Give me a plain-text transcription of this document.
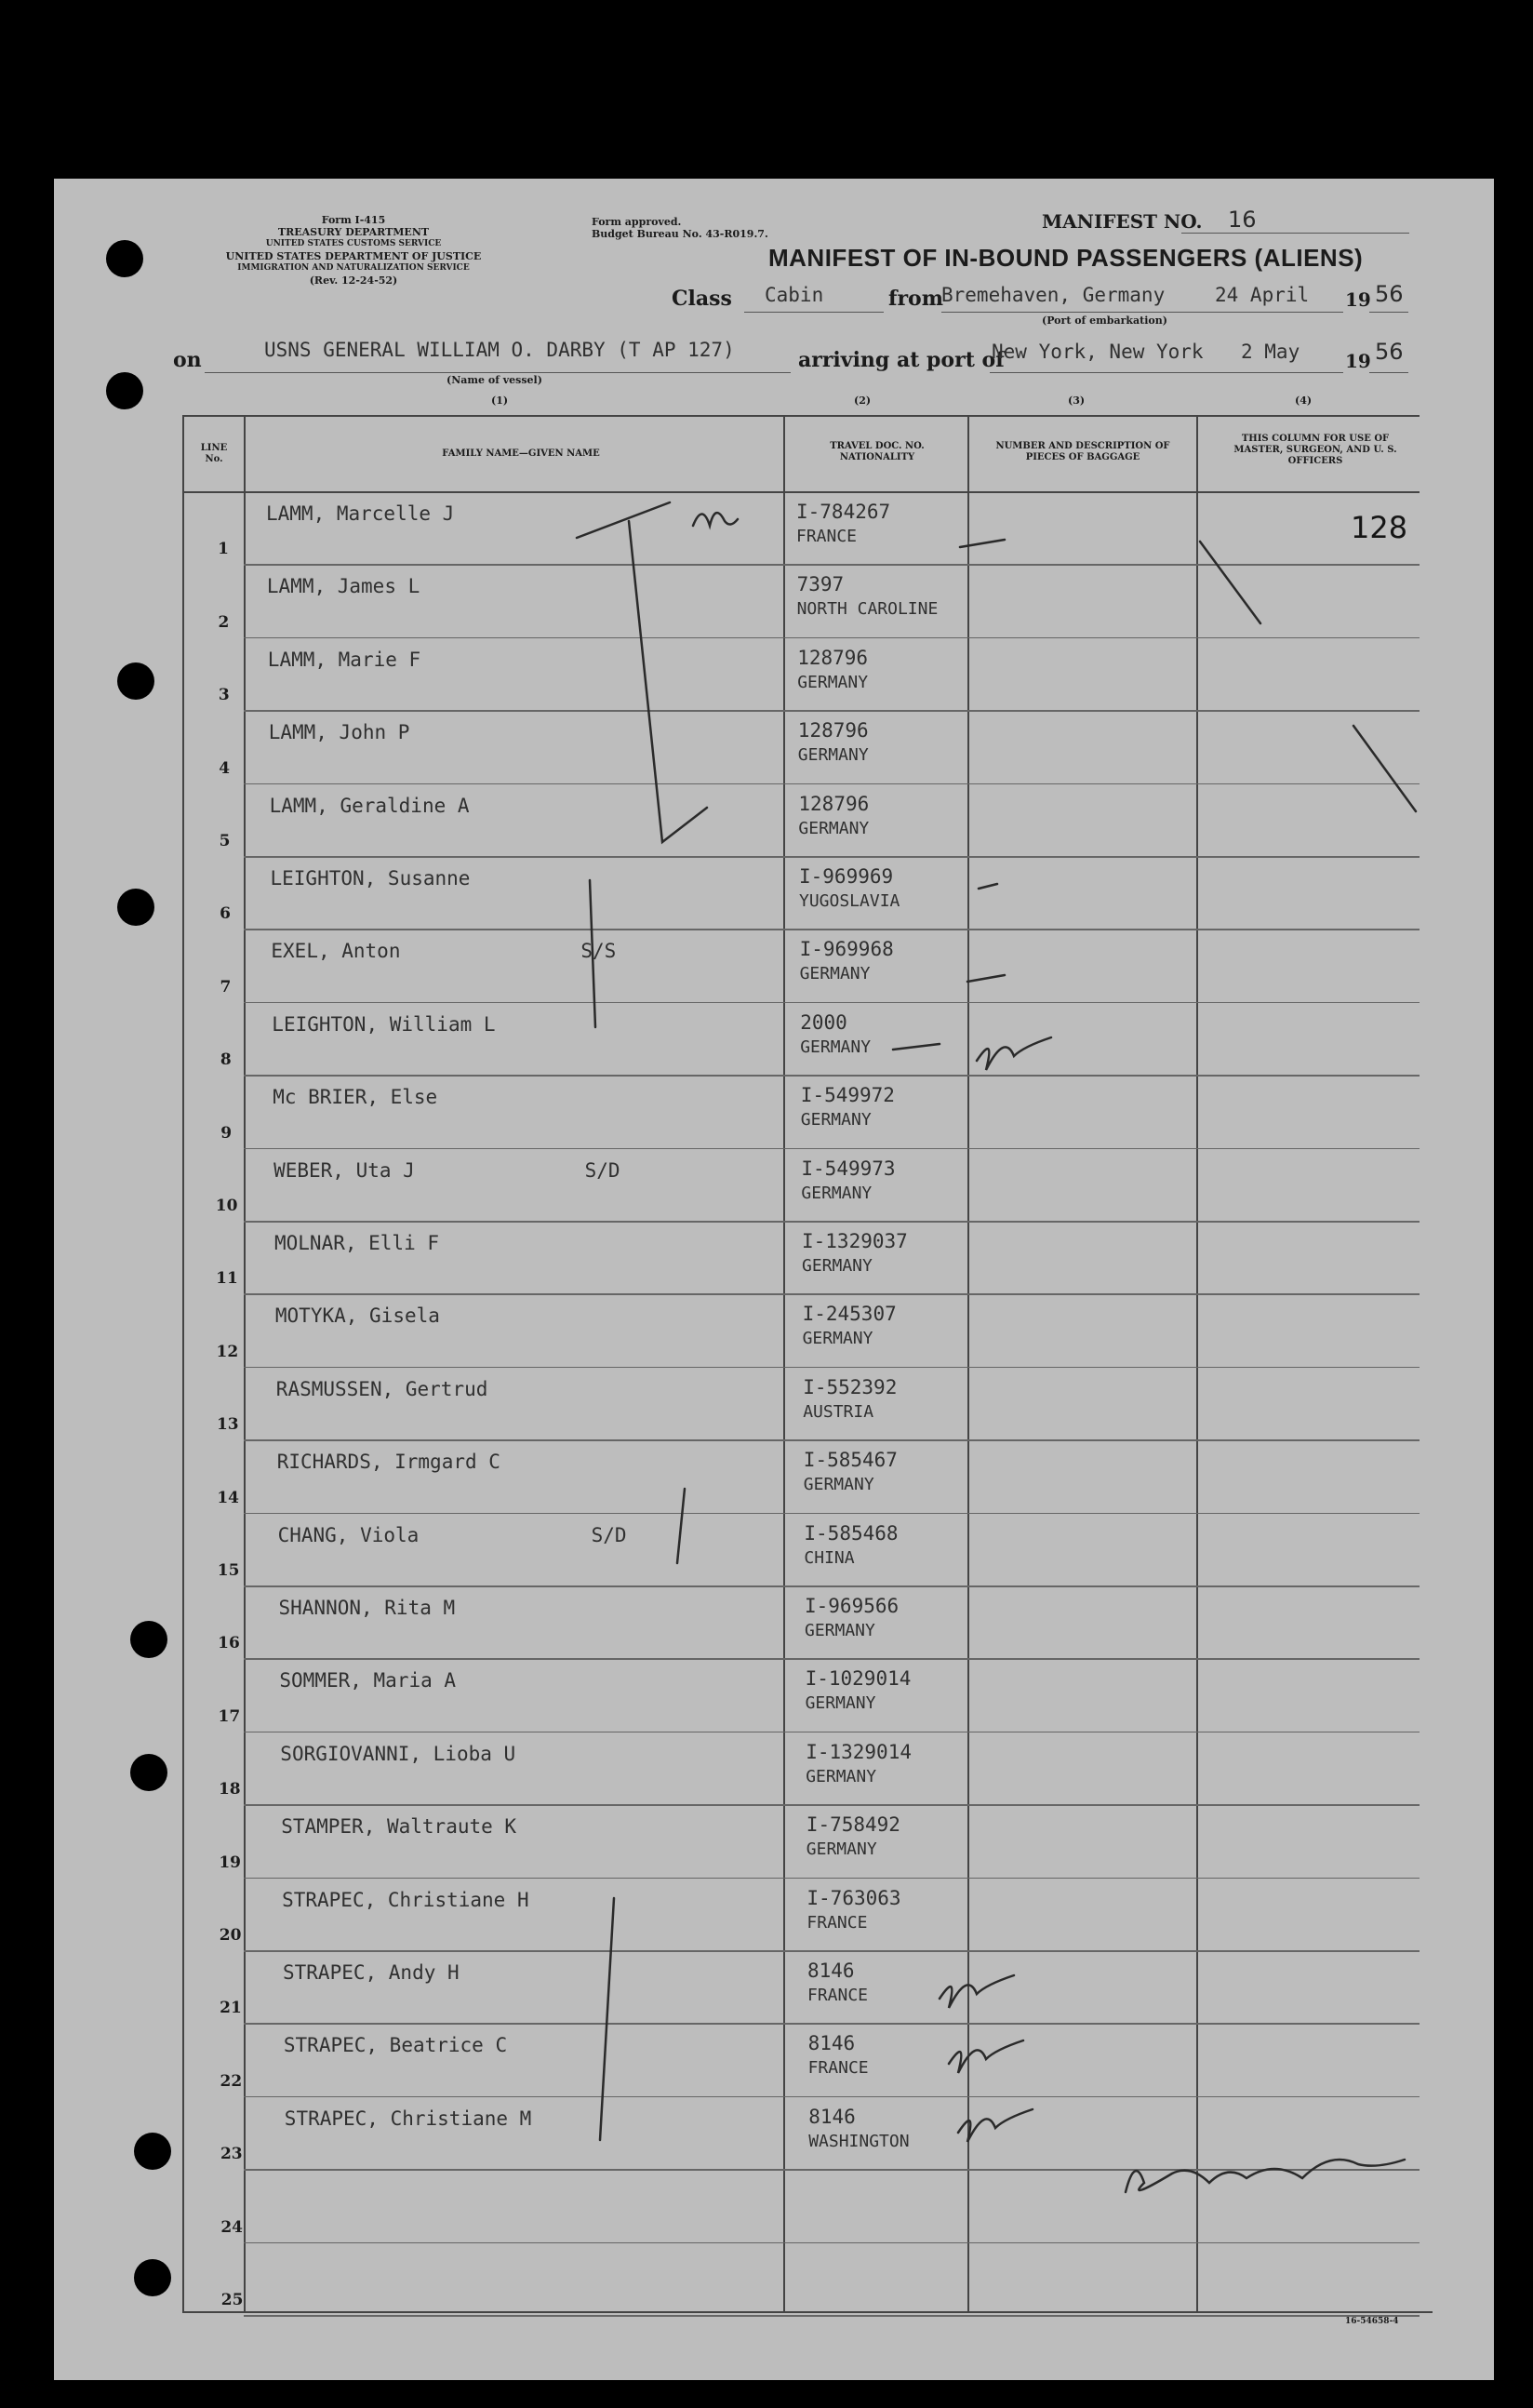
Form I-415
TREASURY DEPARTMENT
UNITED STATES CUSTOMS SERVICE
UNITED STATES DEPARTMENT OF JUSTICE
IMMIGRATION AND NATURALIZATION SERVICE
(Rev. 12-24-52)
Form approved.
Budget Bureau No. 43-R019.7.
MANIFEST NO. 16
MANIFEST OF IN-BOUND PASSENGERS (ALIENS)
Class Cabin	from
Bremehaven, Germany	24 April 19 56
(Port of embarkation)
on	USNS GENERAL WILLIAM O. DARBY (T AP 127)
(Name of vessel)
arriving at port of
New York, New York 2 May 19 56
(1)	(2)	(3)	(4)
LINE No.
FAMILY NAME—GIVEN NAME
TRAVEL DOC. NO. NATIONALITY
NUMBER AND DESCRIPTION OF PIECES OF BAGGAGE
THIS COLUMN FOR USE OF MASTER, SURGEON, AND U. S. OFFICERS
128
1
LAMM, Marcelle J	I-784267
FRANCE
2
LAMM, James L	7397
NORTH CAROLINE
3
LAMM, Marie F	128796
GERMANY
4
LAMM, John P	128796
GERMANY
5
LAMM, Geraldine A	128796
GERMANY
6
LEIGHTON, Susanne	I-969969
YUGOSLAVIA
7
EXEL, Anton	S/S	I-969968
GERMANY
8
LEIGHTON, William L	2000
GERMANY
9
Mc BRIER, Else	I-549972
GERMANY
10
WEBER, Uta J	S/D	I-549973
GERMANY
11
MOLNAR, Elli F	I-1329037
GERMANY
12
MOTYKA, Gisela	I-245307
GERMANY
13
RASMUSSEN, Gertrud	I-552392
AUSTRIA
14
RICHARDS, Irmgard C	I-585467
GERMANY
15
CHANG, Viola	S/D	I-585468
CHINA
16
SHANNON, Rita M	I-969566
GERMANY
17
SOMMER, Maria A	I-1029014
GERMANY
18
SORGIOVANNI, Lioba U	I-1329014
GERMANY
19
STAMPER, Waltraute K	I-758492
GERMANY
20
STRAPEC, Christiane H	I-763063
FRANCE
21
STRAPEC, Andy H	8146
FRANCE
22
STRAPEC, Beatrice C	8146
FRANCE
23
STRAPEC, Christiane M	8146
WASHINGTON
24
25
16-54658-4
